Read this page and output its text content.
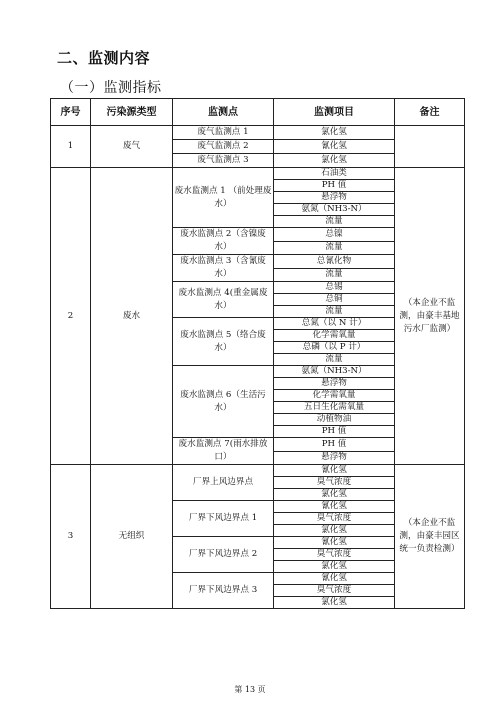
二、监测内容
（一）监测指标
序号	污染源类型	监测点	监测项目	备注
1	废气	废气监测点 1	氯化氢	
		废气监测点 2	氰化氢	
		废气监测点 3	氯化氢	
2	废水	废水监测点 1 （前处理废水）	石油类	（本企业不监测，由豪丰基地污水厂监测）
			PH 值	
			悬浮物	
			氨氮（NH3-N）	
			流量	
		废水监测点 2（含镍废水）	总镍	
			流量	
		废水监测点 3（含氰废水）	总氰化物	
			流量	
		废水监测点 4(重金属废水）	总锡	
			总铜	
			流量	
		废水监测点 5（络合废水）	总氮（以 N 计）	
			化学需氧量	
			总磷（以 P 计）	
			流量	
		废水监测点 6（生活污水）	氨氮（NH3-N）	
			悬浮物	
			化学需氧量	
			五日生化需氧量	
			动植物油	
			PH 值	
		废水监测点 7(雨水排放口）	PH 值	
			悬浮物	
3	无组织	厂界上风边界点	氰化氢	（本企业不监测，由豪丰园区统一负责检测）
			臭气浓度	
			氯化氢	
		厂界下风边界点 1	氰化氢	
			臭气浓度	
			氯化氢	
		厂界下风边界点 2	氰化氢	
			臭气浓度	
			氯化氢	
		厂界下风边界点 3	氰化氢	
			臭气浓度	
			氯化氢	
第 13 页
